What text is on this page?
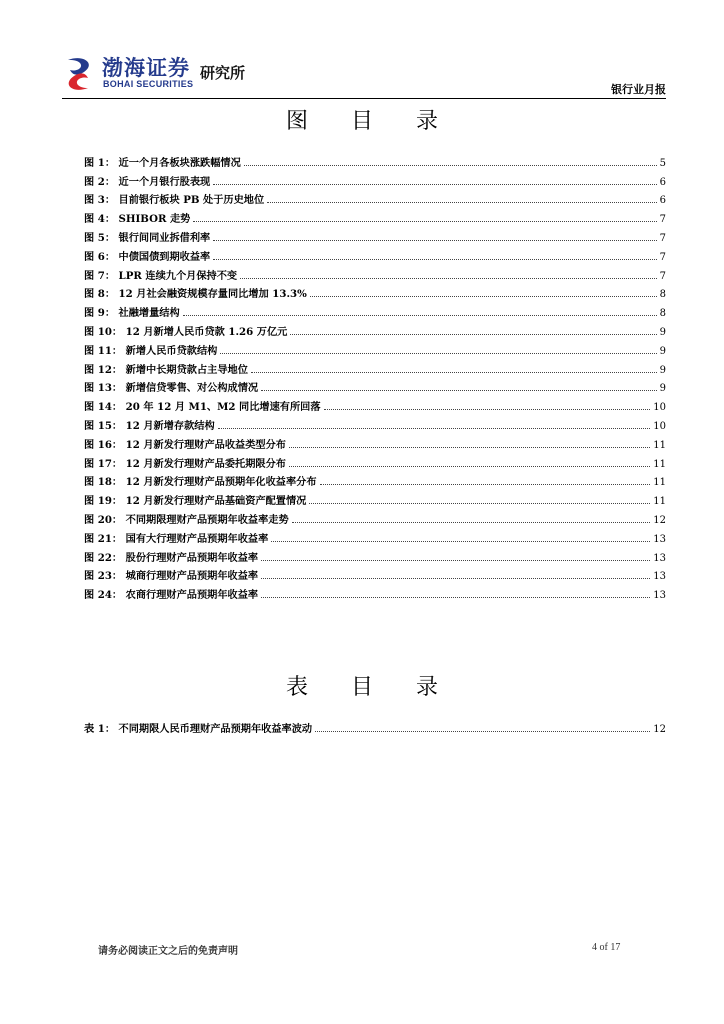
渤海证券
BOHAI SECURITIES
研究所
银行业月报
图 目 录
图 1： 近一个月各板块涨跌幅情况	5
图 2： 近一个月银行股表现	6
图 3： 目前银行板块 PB 处于历史地位	6
图 4： SHIBOR 走势	7
图 5： 银行间同业拆借利率	7
图 6： 中债国债到期收益率	7
图 7： LPR 连续九个月保持不变	7
图 8： 12 月社会融资规模存量同比增加 13.3%	8
图 9： 社融增量结构	8
图 10： 12 月新增人民币贷款 1.26 万亿元	9
图 11： 新增人民币贷款结构	9
图 12： 新增中长期贷款占主导地位	9
图 13： 新增信贷零售、对公构成情况	9
图 14： 20 年 12 月 M1、M2 同比增速有所回落	10
图 15： 12 月新增存款结构	10
图 16： 12 月新发行理财产品收益类型分布	11
图 17： 12 月新发行理财产品委托期限分布	11
图 18： 12 月新发行理财产品预期年化收益率分布	11
图 19： 12 月新发行理财产品基础资产配置情况	11
图 20： 不同期限理财产品预期年收益率走势	12
图 21： 国有大行理财产品预期年收益率	13
图 22： 股份行理财产品预期年收益率	13
图 23： 城商行理财产品预期年收益率	13
图 24： 农商行理财产品预期年收益率	13
表 目 录
表 1： 不同期限人民币理财产品预期年收益率波动	12
请务必阅读正文之后的免责声明	4 of 17
